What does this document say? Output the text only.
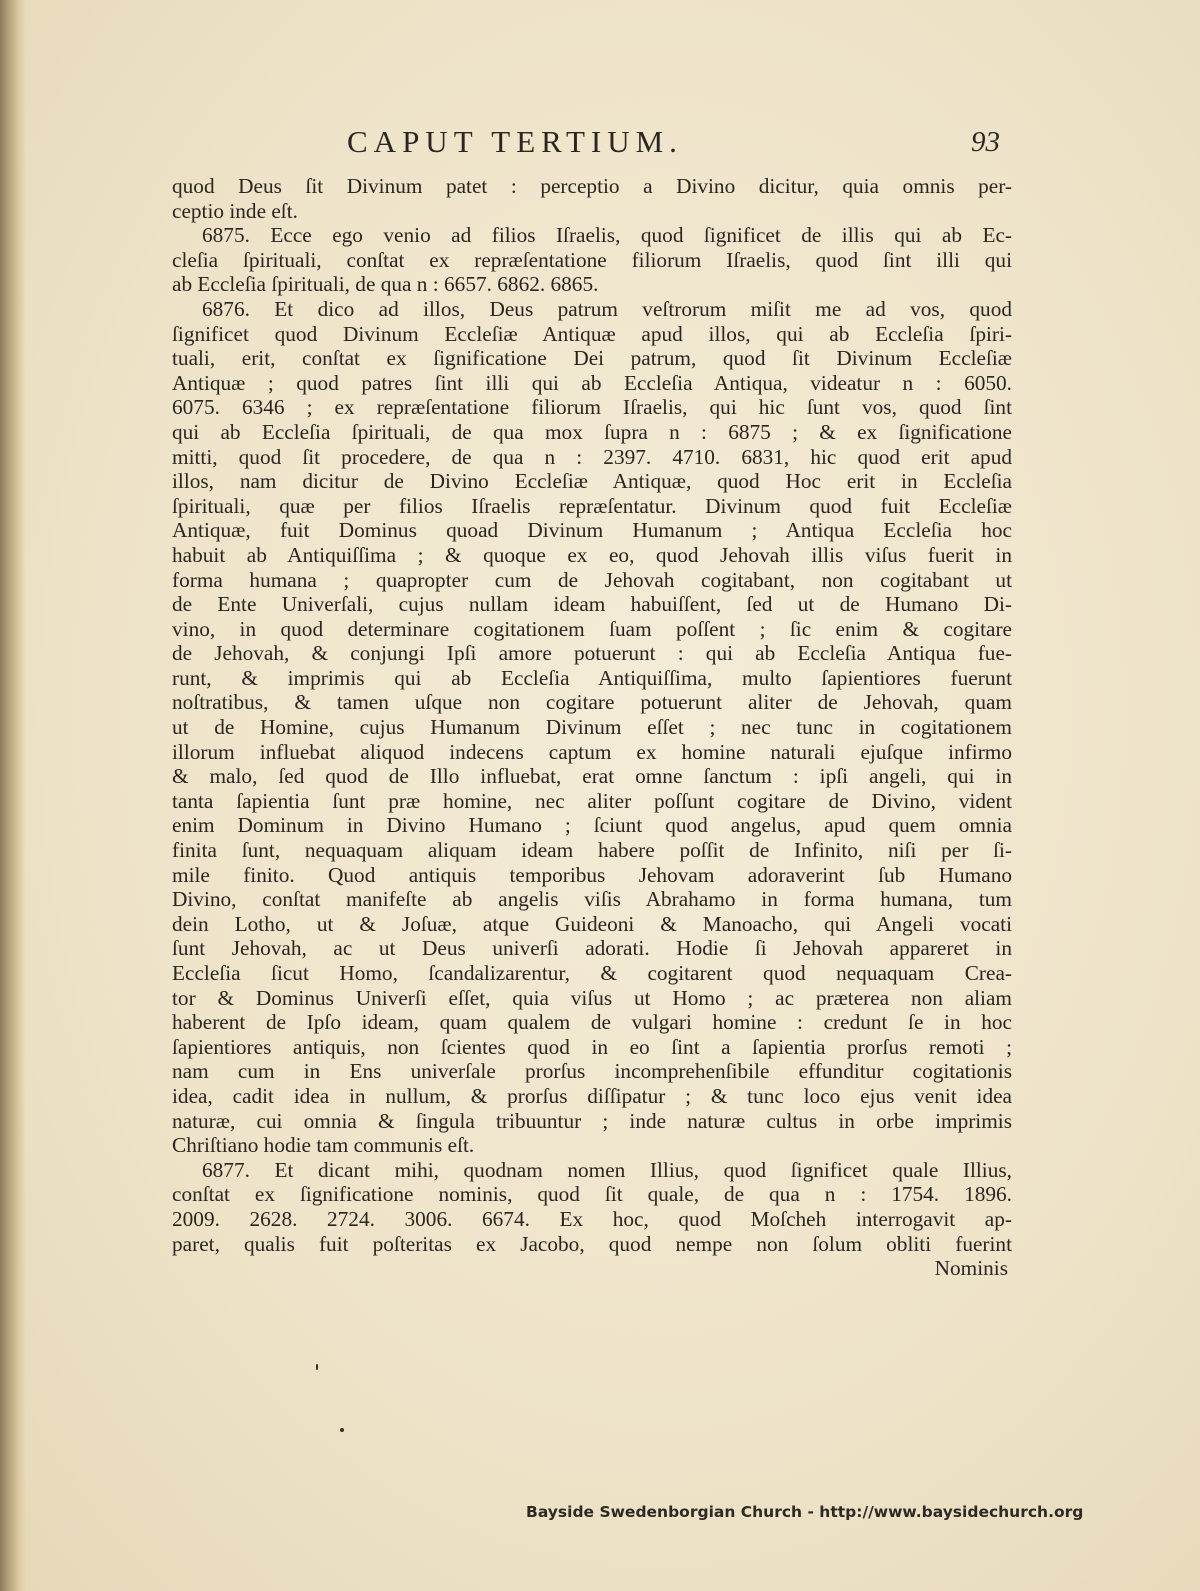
CAPUT TERTIUM.	93
quod Deus ſit Divinum patet : perceptio a Divino dicitur, quia omnis per-
ceptio inde eſt.
6875. Ecce ego venio ad filios Iſraelis, quod ſignificet de illis qui ab Ec-
cleſia ſpirituali, conſtat ex repræſentatione filiorum Iſraelis, quod ſint illi qui
ab Eccleſia ſpirituali, de qua n : 6657. 6862. 6865.
6876. Et dico ad illos, Deus patrum veſtrorum miſit me ad vos, quod
ſignificet quod Divinum Eccleſiæ Antiquæ apud illos, qui ab Eccleſia ſpiri-
tuali, erit, conſtat ex ſignificatione Dei patrum, quod ſit Divinum Eccleſiæ
Antiquæ ; quod patres ſint illi qui ab Eccleſia Antiqua, videatur n : 6050.
6075. 6346 ; ex repræſentatione filiorum Iſraelis, qui hic ſunt vos, quod ſint
qui ab Eccleſia ſpirituali, de qua mox ſupra n : 6875 ; & ex ſignificatione
mitti, quod ſit procedere, de qua n : 2397. 4710. 6831, hic quod erit apud
illos, nam dicitur de Divino Eccleſiæ Antiquæ, quod Hoc erit in Eccleſia
ſpirituali, quæ per filios Iſraelis repræſentatur. Divinum quod fuit Eccleſiæ
Antiquæ, fuit Dominus quoad Divinum Humanum ; Antiqua Eccleſia hoc
habuit ab Antiquiſſima ; & quoque ex eo, quod Jehovah illis viſus fuerit in
forma humana ; quapropter cum de Jehovah cogitabant, non cogitabant ut
de Ente Univerſali, cujus nullam ideam habuiſſent, ſed ut de Humano Di-
vino, in quod determinare cogitationem ſuam poſſent ; ſic enim & cogitare
de Jehovah, & conjungi Ipſi amore potuerunt : qui ab Eccleſia Antiqua fue-
runt, & imprimis qui ab Eccleſia Antiquiſſima, multo ſapientiores fuerunt
noſtratibus, & tamen uſque non cogitare potuerunt aliter de Jehovah, quam
ut de Homine, cujus Humanum Divinum eſſet ; nec tunc in cogitationem
illorum influebat aliquod indecens captum ex homine naturali ejuſque infirmo
& malo, ſed quod de Illo influebat, erat omne ſanctum : ipſi angeli, qui in
tanta ſapientia ſunt præ homine, nec aliter poſſunt cogitare de Divino, vident
enim Dominum in Divino Humano ; ſciunt quod angelus, apud quem omnia
finita ſunt, nequaquam aliquam ideam habere poſſit de Infinito, niſi per ſi-
mile finito. Quod antiquis temporibus Jehovam adoraverint ſub Humano
Divino, conſtat manifeſte ab angelis viſis Abrahamo in forma humana, tum
dein Lotho, ut & Joſuæ, atque Guideoni & Manoacho, qui Angeli vocati
ſunt Jehovah, ac ut Deus univerſi adorati. Hodie ſi Jehovah appareret in
Eccleſia ſicut Homo, ſcandalizarentur, & cogitarent quod nequaquam Crea-
tor & Dominus Univerſi eſſet, quia viſus ut Homo ; ac præterea non aliam
haberent de Ipſo ideam, quam qualem de vulgari homine : credunt ſe in hoc
ſapientiores antiquis, non ſcientes quod in eo ſint a ſapientia prorſus remoti ;
nam cum in Ens univerſale prorſus incomprehenſibile effunditur cogitationis
idea, cadit idea in nullum, & prorſus diſſipatur ; & tunc loco ejus venit idea
naturæ, cui omnia & ſingula tribuuntur ; inde naturæ cultus in orbe imprimis
Chriſtiano hodie tam communis eſt.
6877. Et dicant mihi, quodnam nomen Illius, quod ſignificet quale Illius,
conſtat ex ſignificatione nominis, quod ſit quale, de qua n : 1754. 1896.
2009. 2628. 2724. 3006. 6674. Ex hoc, quod Moſcheh interrogavit ap-
paret, qualis fuit poſteritas ex Jacobo, quod nempe non ſolum obliti fuerint
Nominis
Bayside Swedenborgian Church - http://www.baysidechurch.org
